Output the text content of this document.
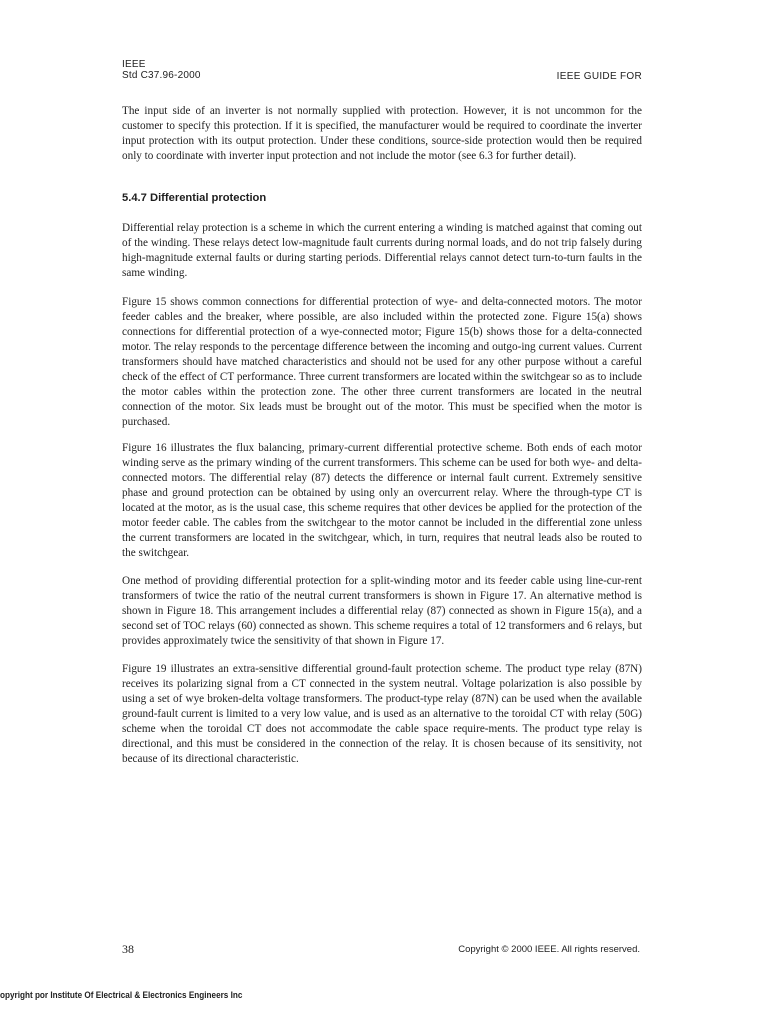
IEEE
Std C37.96-2000	IEEE GUIDE FOR

The input side of an inverter is not normally supplied with protection. However, it is not uncommon for the customer to specify this protection. If it is specified, the manufacturer would be required to coordinate the inverter input protection with its output protection. Under these conditions, source-side protection would then be required only to coordinate with inverter input protection and not include the motor (see 6.3 for further detail).

5.4.7 Differential protection

Differential relay protection is a scheme in which the current entering a winding is matched against that coming out of the winding. These relays detect low-magnitude fault currents during normal loads, and do not trip falsely during high-magnitude external faults or during starting periods. Differential relays cannot detect turn-to-turn faults in the same winding.

Figure 15 shows common connections for differential protection of wye- and delta-connected motors. The motor feeder cables and the breaker, where possible, are also included within the protected zone. Figure 15(a) shows connections for differential protection of a wye-connected motor; Figure 15(b) shows those for a delta-connected motor. The relay responds to the percentage difference between the incoming and outgo-ing current values. Current transformers should have matched characteristics and should not be used for any other purpose without a careful check of the effect of CT performance. Three current transformers are located within the switchgear so as to include the motor cables within the protection zone. The other three current transformers are located in the neutral connection of the motor. Six leads must be brought out of the motor. This must be specified when the motor is purchased.

Figure 16 illustrates the flux balancing, primary-current differential protective scheme. Both ends of each motor winding serve as the primary winding of the current transformers. This scheme can be used for both wye- and delta-connected motors. The differential relay (87) detects the difference or internal fault current. Extremely sensitive phase and ground protection can be obtained by using only an overcurrent relay. Where the through-type CT is located at the motor, as is the usual case, this scheme requires that other devices be applied for the protection of the motor feeder cable. The cables from the switchgear to the motor cannot be included in the differential zone unless the current transformers are located in the switchgear, which, in turn, requires that neutral leads also be routed to the switchgear.

One method of providing differential protection for a split-winding motor and its feeder cable using line-cur-rent transformers of twice the ratio of the neutral current transformers is shown in Figure 17. An alternative method is shown in Figure 18. This arrangement includes a differential relay (87) connected as shown in Figure 15(a), and a second set of TOC relays (60) connected as shown. This scheme requires a total of 12 transformers and 6 relays, but provides approximately twice the sensitivity of that shown in Figure 17.

Figure 19 illustrates an extra-sensitive differential ground-fault protection scheme. The product type relay (87N) receives its polarizing signal from a CT connected in the system neutral. Voltage polarization is also possible by using a set of wye broken-delta voltage transformers. The product-type relay (87N) can be used when the available ground-fault current is limited to a very low value, and is used as an alternative to the toroidal CT with relay (50G) scheme when the toroidal CT does not accommodate the cable space require-ments. The product type relay is directional, and this must be considered in the connection of the relay. It is chosen because of its sensitivity, not because of its directional characteristic.

38	Copyright © 2000 IEEE. All rights reserved.
opyright por Institute Of Electrical & Electronics Engineers Inc
